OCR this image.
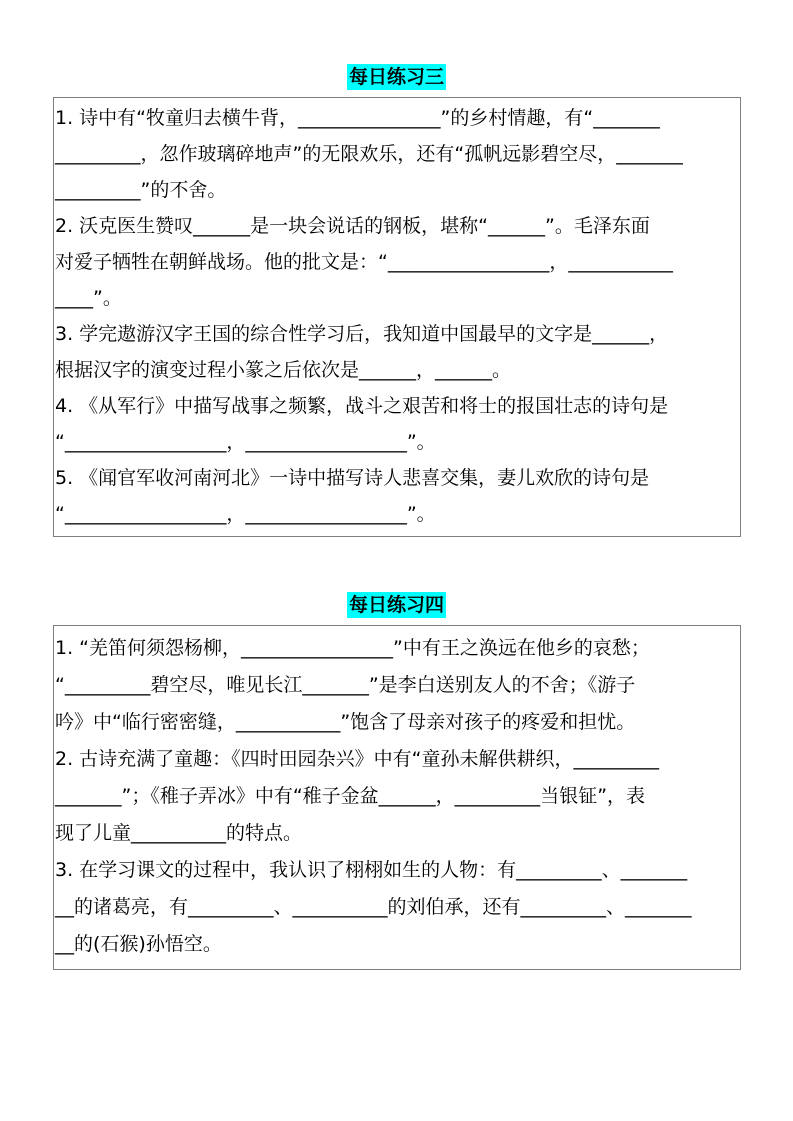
每日练习三
1. 诗中有“牧童归去横牛背，_______________”的乡村情趣，有“_______
_________，忽作玻璃碎地声”的无限欢乐，还有“孤帆远影碧空尽，_______
_________”的不舍。
2. 沃克医生赞叹______是一块会说话的钢板，堪称“______”。毛泽东面
对爱子牺牲在朝鲜战场。他的批文是：“_________________，___________
____”。
3. 学完遨游汉字王国的综合性学习后，我知道中国最早的文字是______，
根据汉字的演变过程小篆之后依次是______，______。
4. 《从军行》中描写战事之频繁，战斗之艰苦和将士的报国壮志的诗句是
“_________________，_________________”。
5. 《闻官军收河南河北》一诗中描写诗人悲喜交集，妻儿欢欣的诗句是
“_________________，_________________”。
每日练习四
1. “羌笛何须怨杨柳，________________”中有王之涣远在他乡的哀愁；
“_________碧空尽，唯见长江_______”是李白送别友人的不舍；《游子
吟》中“临行密密缝，___________”饱含了母亲对孩子的疼爱和担忧。
2. 古诗充满了童趣：《四时田园杂兴》中有“童孙未解供耕织，_________
_______”；《稚子弄冰》中有“稚子金盆______，_________当银钲”，表
现了儿童__________的特点。
3. 在学习课文的过程中，我认识了栩栩如生的人物：有_________、_______
__的诸葛亮，有_________、__________的刘伯承，还有_________、_______
__的(石猴)孙悟空。
